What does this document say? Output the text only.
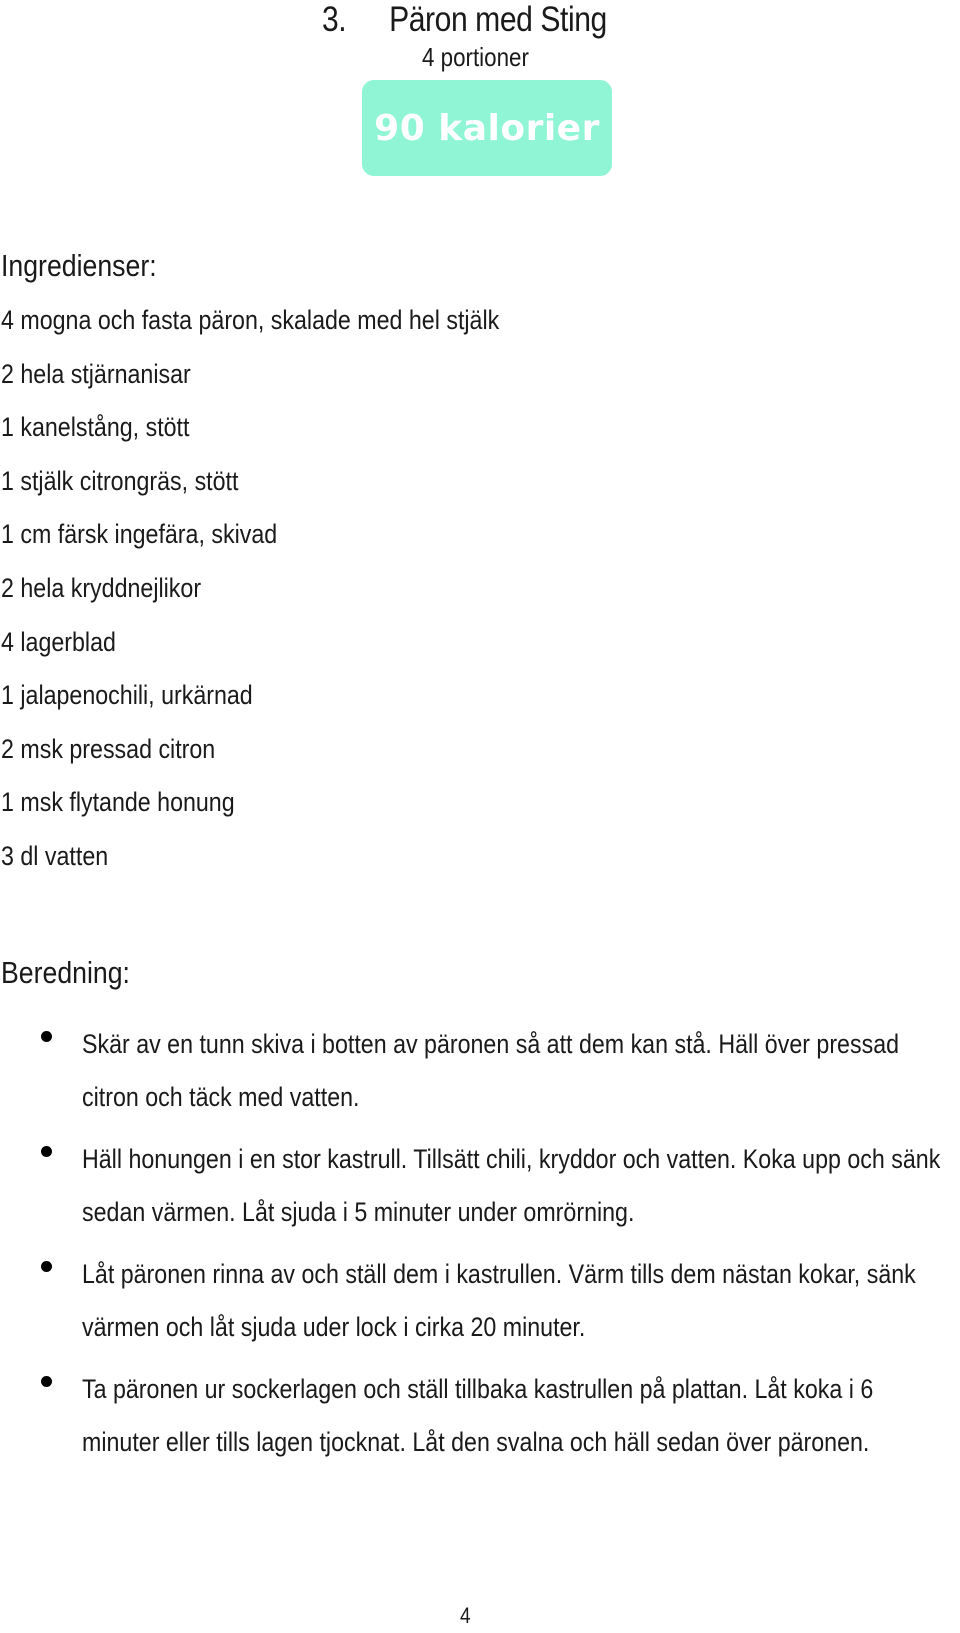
3.	Päron med Sting
4 portioner
90 kalorier
Ingredienser:
4 mogna och fasta päron, skalade med hel stjälk
2 hela stjärnanisar
1 kanelstång, stött
1 stjälk citrongräs, stött
1 cm färsk ingefära, skivad
2 hela kryddnejlikor
4 lagerblad
1 jalapenochili, urkärnad
2 msk pressad citron
1 msk flytande honung
3 dl vatten
Beredning:
Skär av en tunn skiva i botten av päronen så att dem kan stå. Häll över pressad citron och täck med vatten.
Häll honungen i en stor kastrull. Tillsätt chili, kryddor och vatten. Koka upp och sänk sedan värmen. Låt sjuda i 5 minuter under omrörning.
Låt päronen rinna av och ställ dem i kastrullen. Värm tills dem nästan kokar, sänk värmen och låt sjuda uder lock i cirka 20 minuter.
Ta päronen ur sockerlagen och ställ tillbaka kastrullen på plattan. Låt koka i 6 minuter eller tills lagen tjocknat. Låt den svalna och häll sedan över päronen.
4
